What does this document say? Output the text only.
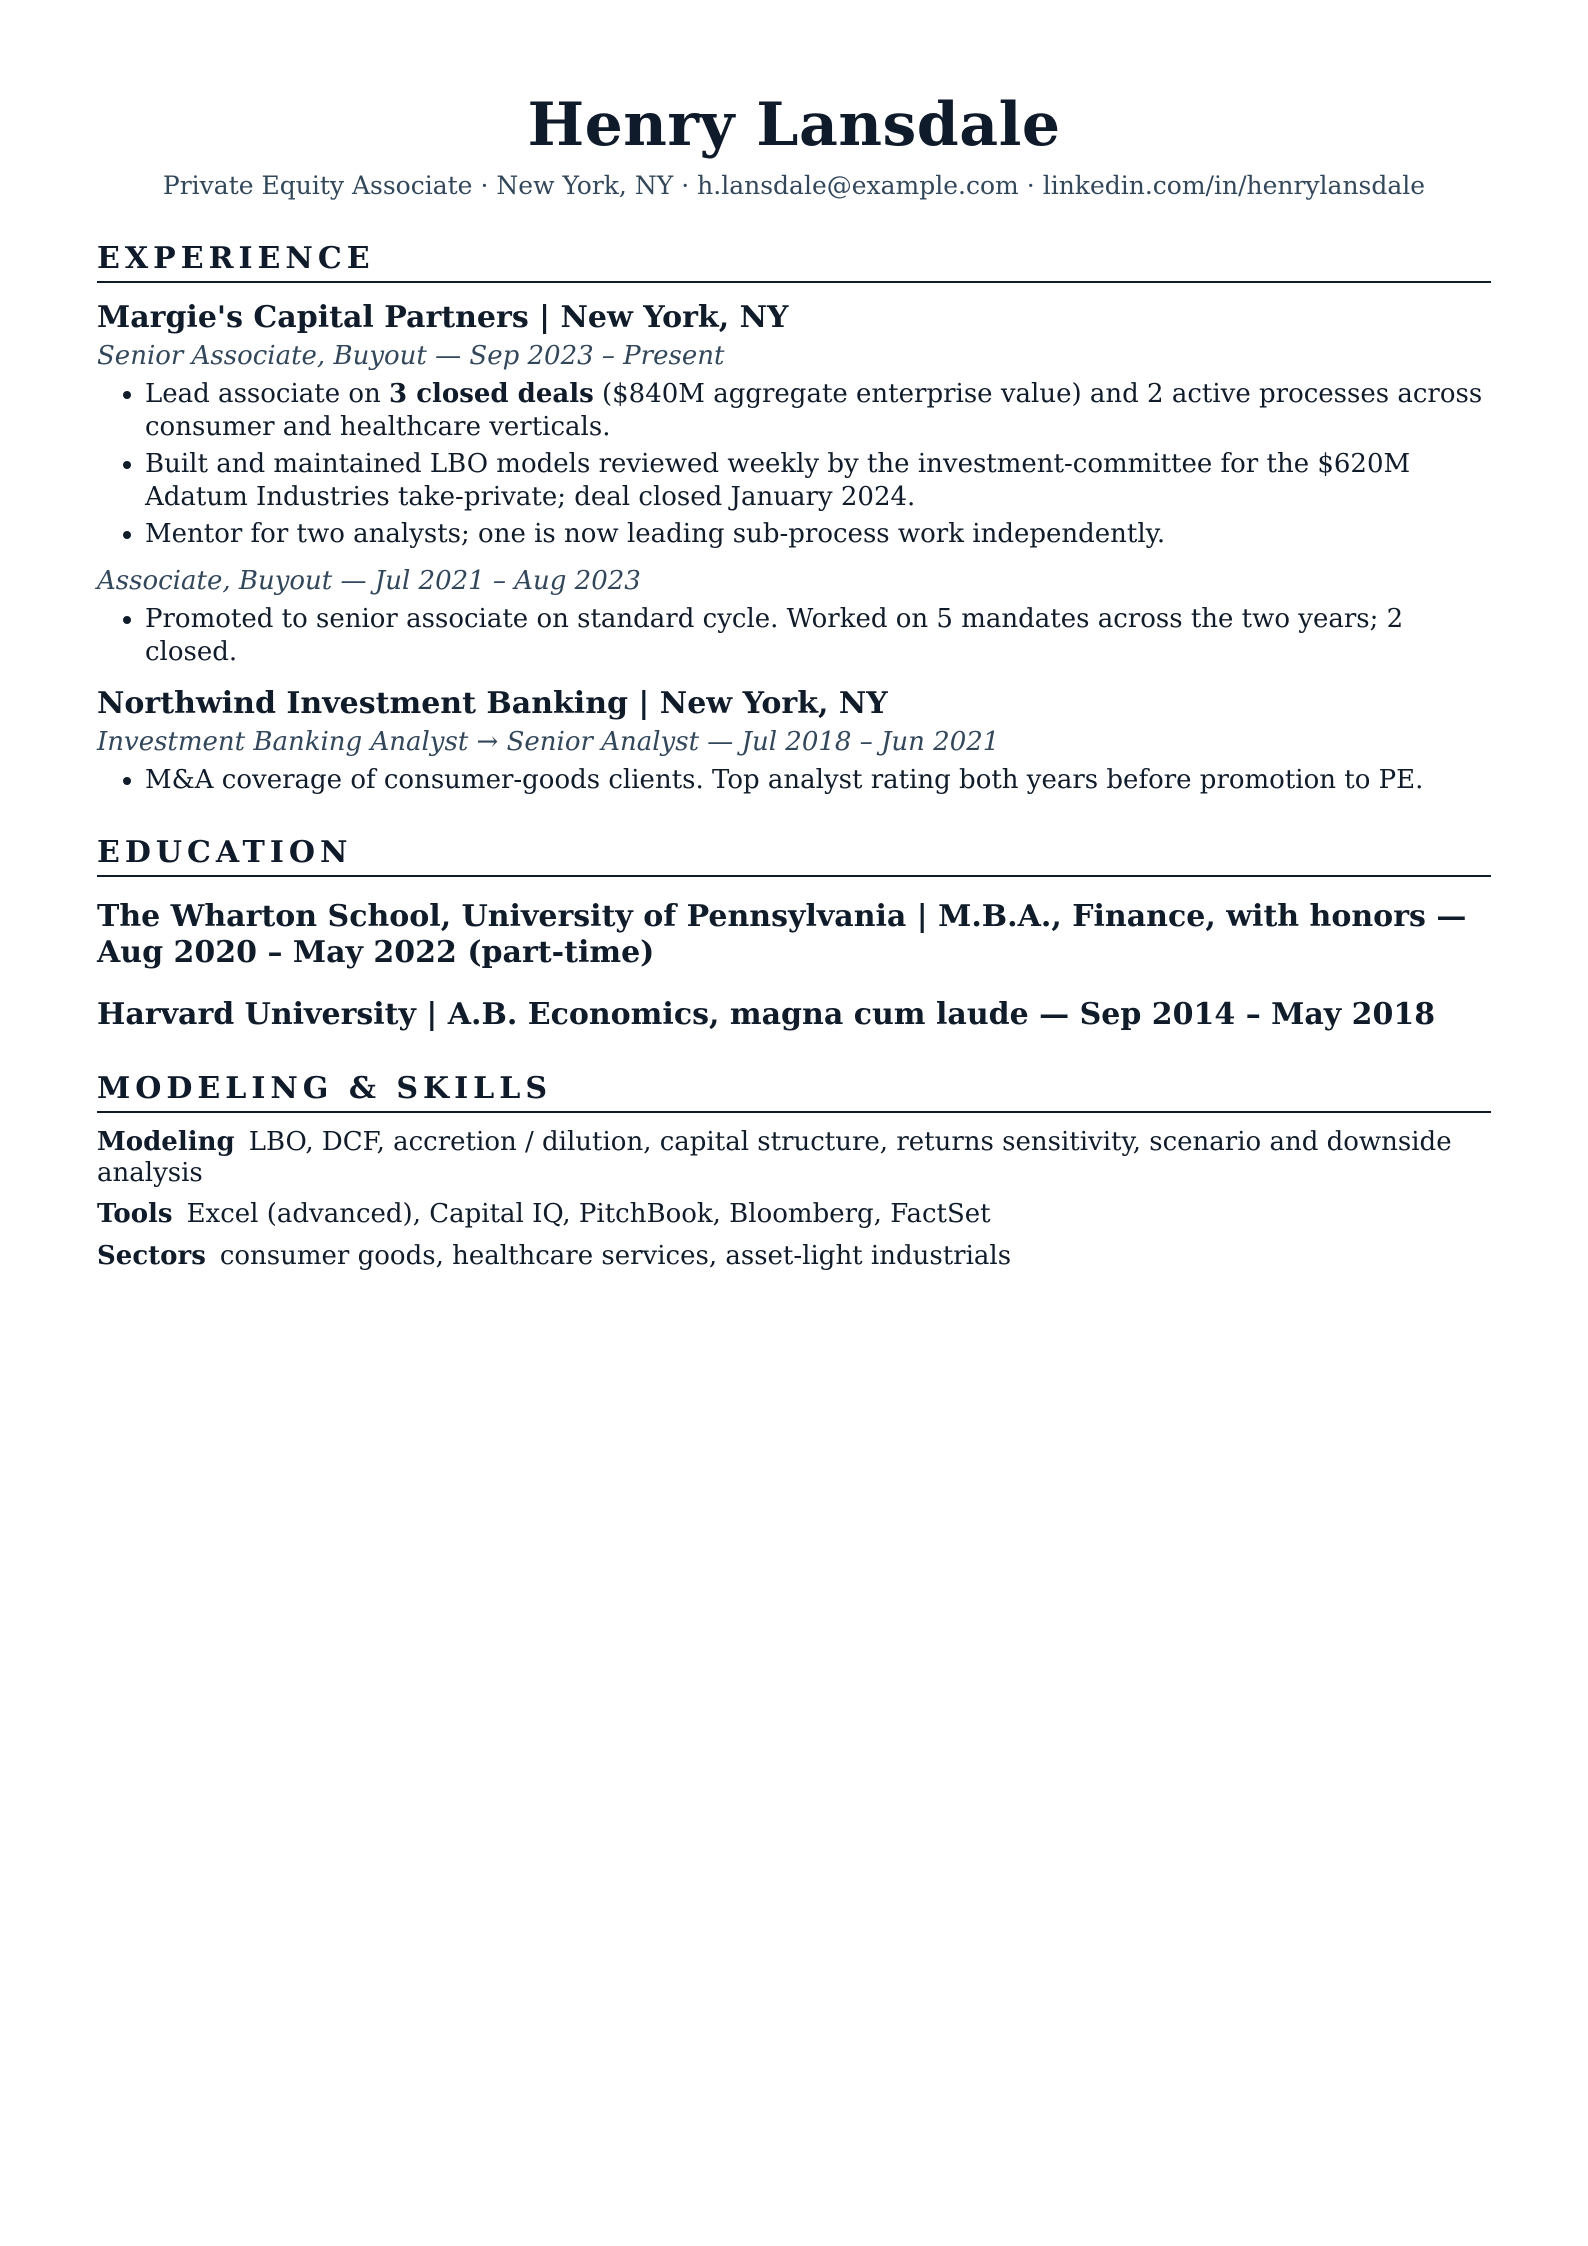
Henry Lansdale
Private Equity Associate · New York, NY · h.lansdale@example.com · linkedin.com/in/henrylansdale
EXPERIENCE
Margie's Capital Partners | New York, NY
Senior Associate, Buyout — Sep 2023 – Present
• Lead associate on 3 closed deals ($840M aggregate enterprise value) and 2 active processes across consumer and healthcare verticals.
• Built and maintained LBO models reviewed weekly by the investment-committee for the $620M Adatum Industries take-private; deal closed January 2024.
• Mentor for two analysts; one is now leading sub-process work independently.
Associate, Buyout — Jul 2021 – Aug 2023
• Promoted to senior associate on standard cycle. Worked on 5 mandates across the two years; 2 closed.
Northwind Investment Banking | New York, NY
Investment Banking Analyst → Senior Analyst — Jul 2018 – Jun 2021
• M&A coverage of consumer-goods clients. Top analyst rating both years before promotion to PE.
EDUCATION
The Wharton School, University of Pennsylvania | M.B.A., Finance, with honors — Aug 2020 – May 2022 (part-time)
Harvard University | A.B. Economics, magna cum laude — Sep 2014 – May 2018
MODELING & SKILLS
Modeling LBO, DCF, accretion / dilution, capital structure, returns sensitivity, scenario and downside analysis
Tools Excel (advanced), Capital IQ, PitchBook, Bloomberg, FactSet
Sectors consumer goods, healthcare services, asset-light industrials
